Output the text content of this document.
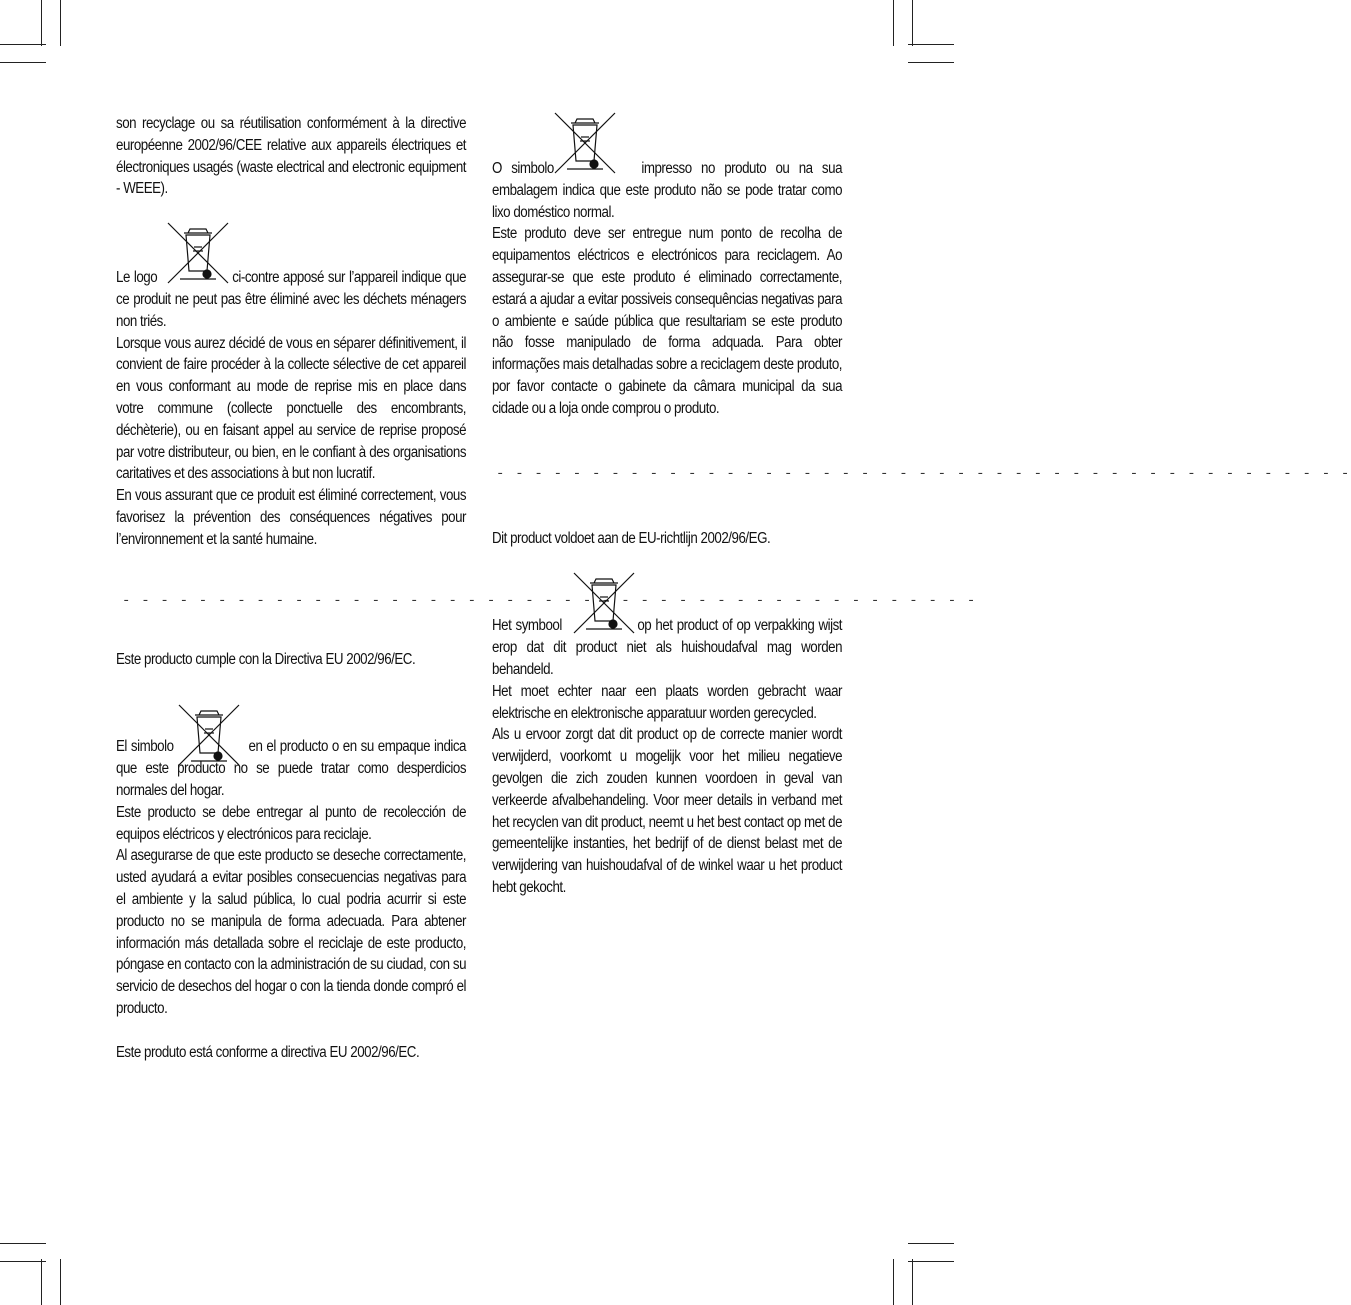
son recyclage ou sa réutilisation conformément à la directive européenne 2002/96/CEE relative aux appareils électriques et électroniques usagés (waste electrical and electronic equipment - WEEE).

Le logo	ci-contre apposé sur l’appareil indique que ce produit ne peut pas être éliminé avec les déchets ménagers non triés.

Lorsque vous aurez décidé de vous en séparer définitivement, il convient de faire procéder à la collecte sélective de cet appareil en vous conformant au mode de reprise mis en place dans votre commune (collecte ponctuelle des encombrants, déchèterie), ou en faisant appel au service de reprise proposé par votre distributeur, ou bien, en le confiant à des organisations caritatives et des associations à but non lucratif.

En vous assurant que ce produit est éliminé correctement, vous favorisez la prévention des conséquences négatives pour l’environnement et la santé humaine.

- - - - - - - - - - - - - - - - - - - - - - - - - - - - - - - - - - - - - - - - - - - - -

Este producto cumple con la Directiva EU 2002/96/EC.

El simbolo	en el producto o en su empaque indica que este producto no se puede tratar como desperdicios normales del hogar.

Este producto se debe entregar al punto de recolección de equipos eléctricos y electrónicos para reciclaje.

Al asegurarse de que este producto se deseche correctamente, usted ayudará a evitar posibles consecuencias negativas para el ambiente y la salud pública, lo cual podria acurrir si este producto no se manipula de forma adecuada. Para abtener información más detallada sobre el reciclaje de este producto, póngase en contacto con la administración de su ciudad, con su servicio de desechos del hogar o con la tienda donde compró el producto.

Este produto está conforme a directiva EU 2002/96/EC.

O simbolo	impresso no produto ou na sua embalagem indica que este produto não se pode tratar como lixo doméstico normal.

Este produto deve ser entregue num ponto de recolha de equipamentos eléctricos e electrónicos para reciclagem. Ao assegurar-se que este produto é eliminado correctamente, estará a ajudar a evitar possiveis consequências negativas para o ambiente e saúde pública que resultariam se este produto não fosse manipulado de forma adquada. Para obter informações mais detalhadas sobre a reciclagem deste produto, por favor contacte o gabinete da câmara municipal da sua cidade ou a loja onde comprou o produto.

- - - - - - - - - - - - - - - - - - - - - - - - - - - - - - - - - - - - - - - - - - - - -

Dit product voldoet aan de EU-richtlijn 2002/96/EG.

Het symbool	op het product of op verpakking wijst erop dat dit product niet als huishoudafval mag worden behandeld.

Het moet echter naar een plaats worden gebracht waar elektrische en elektronische apparatuur worden gerecycled.

Als u ervoor zorgt dat dit product op de correcte manier wordt verwijderd, voorkomt u mogelijk voor het milieu negatieve gevolgen die zich zouden kunnen voordoen in geval van verkeerde afvalbehandeling. Voor meer details in verband met het recyclen van dit product, neemt u het best contact op met de gemeentelijke instanties, het bedrijf of de dienst belast met de verwijdering van huishoudafval of de winkel waar u het product hebt gekocht.
